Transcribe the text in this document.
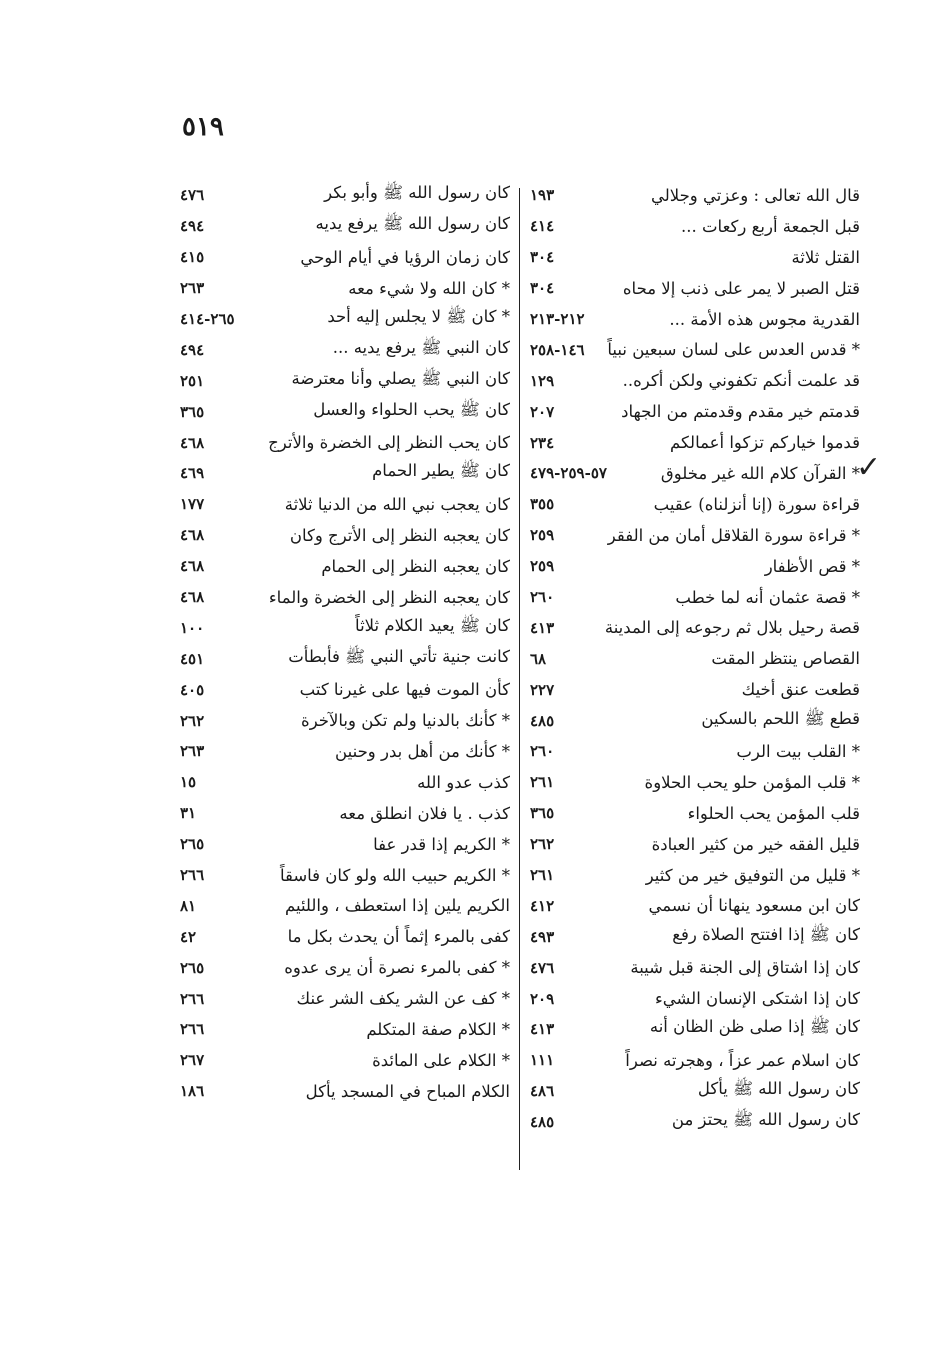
٥١٩
قال الله تعالى : وعزتي وجلالي
١٩٣
قبل الجمعة أربع ركعات ...
٤١٤
القتل ثلاثة
٣٠٤
قتل الصبر لا يمر على ذنب إلا محاه
٣٠٤
القدرية مجوس هذه الأمة ...
٢١٢-٢١٣
* قدس العدس على لسان سبعين نبياً
١٤٦-٢٥٨
قد علمت أنكم تكفوني ولكن أكره..
١٢٩
قدمتم خير مقدم وقدمتم من الجهاد
٢٠٧
قدموا خياركم تزكوا أعمالكم
٢٣٤
* القرآن كلام الله غير مخلوق
٥٧-٢٥٩-٤٧٩
قراءة سورة (إنا أنزلناه) عقيب
٣٥٥
* قراءة سورة القلاقل أمان من الفقر
٢٥٩
* قص الأظفار
٢٥٩
* قصة عثمان أنه لما خطب
٢٦٠
قصة رحيل بلال ثم رجوعه إلى المدينة
٤١٣
القصاص ينتظر المقت
٦٨
قطعت عنق أخيك
٢٢٧
قطع ﷺ اللحم بالسكين
٤٨٥
* القلب بيت الرب
٢٦٠
* قلب المؤمن حلو يحب الحلاوة
٢٦١
قلب المؤمن يحب الحلواء
٣٦٥
قليل الفقه خير من كثير العبادة
٢٦٢
* قليل من التوفيق خير من كثير
٢٦١
كان ابن مسعود ينهانا أن نسمي
٤١٢
كان ﷺ إذا افتتح الصلاة رفع
٤٩٣
كان إذا اشتاق إلى الجنة قبل شيبة
٤٧٦
كان إذا اشتكى الإنسان الشيء
٢٠٩
كان ﷺ إذا صلى ظن الظان أنه
٤١٣
كان اسلام عمر عزاً ، وهجرته نصراً
١١١
كان رسول الله ﷺ يأكل
٤٨٦
كان رسول الله ﷺ يحتز من
٤٨٥
كان رسول الله ﷺ وأبو بكر
٤٧٦
كان رسول الله ﷺ يرفع يديه
٤٩٤
كان زمان الرؤيا في أيام الوحي
٤١٥
* كان الله ولا شيء معه
٢٦٣
* كان ﷺ لا يجلس إليه أحد
٢٦٥-٤١٤
كان النبي ﷺ يرفع يديه ...
٤٩٤
كان النبي ﷺ يصلي وأنا معترضة
٢٥١
كان ﷺ يحب الحلواء والعسل
٣٦٥
كان يحب النظر إلى الخضرة والأترج
٤٦٨
كان ﷺ يطير الحمام
٤٦٩
كان يعجب نبي الله من الدنيا ثلاثة
١٧٧
كان يعجبه النظر إلى الأترج وكان
٤٦٨
كان يعجبه النظر إلى الحمام
٤٦٨
كان يعجبه النظر إلى الخضرة والماء
٤٦٨
كان ﷺ يعيد الكلام ثلاثاً
١٠٠
كانت جنية تأتي النبي ﷺ فأبطأت
٤٥١
كأن الموت فيها على غيرنا كتب
٤٠٥
* كأنك بالدنيا ولم تكن وبالآخرة
٢٦٢
* كأنك من أهل بدر وحنين
٢٦٣
كذب عدو الله
١٥
كذب . يا فلان انطلق معه
٣١
* الكريم إذا قدر عفا
٢٦٥
* الكريم حبيب الله ولو كان فاسقاً
٢٦٦
الكريم يلين إذا استعطف ، واللئيم
٨١
كفى بالمرء إثماً أن يحدث بكل ما
٤٢
* كفى بالمرء نصرة أن يرى عدوه
٢٦٥
* كف عن الشر يكف الشر عنك
٢٦٦
* الكلام صفة المتكلم
٢٦٦
* الكلام على المائدة
٢٦٧
الكلام المباح في المسجد يأكل
١٨٦
✓
